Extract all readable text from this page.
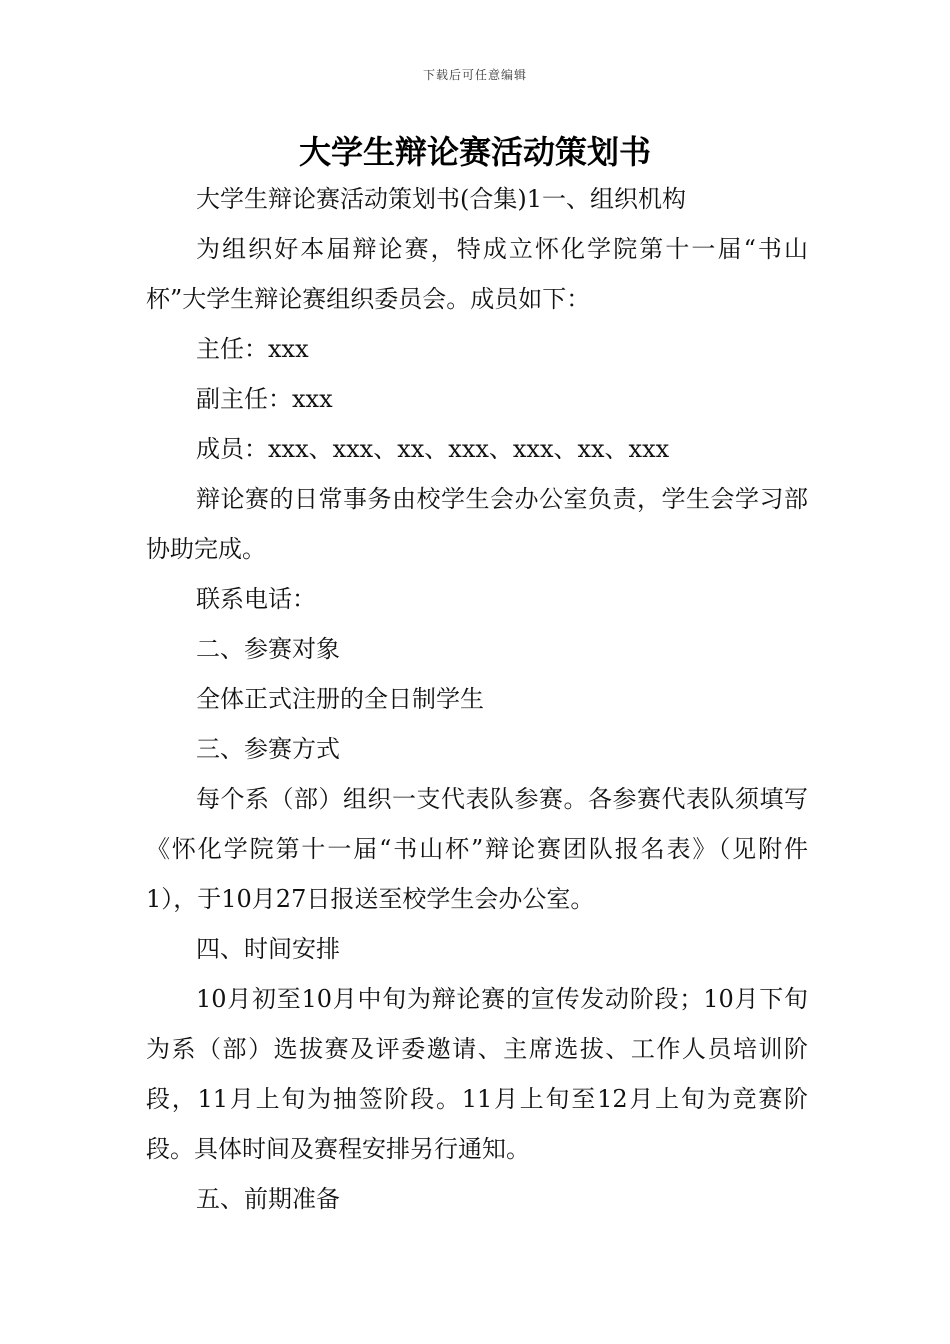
下载后可任意编辑
大学生辩论赛活动策划书

大学生辩论赛活动策划书(合集)1一、组织机构

为组织好本届辩论赛，特成立怀化学院第十一届“书山杯”大学生辩论赛组织委员会。成员如下：

主任：xxx

副主任：xxx

成员：xxx、xxx、xx、xxx、xxx、xx、xxx

辩论赛的日常事务由校学生会办公室负责，学生会学习部协助完成。

联系电话：

二、参赛对象

全体正式注册的全日制学生

三、参赛方式

每个系（部）组织一支代表队参赛。各参赛代表队须填写《怀化学院第十一届“书山杯”辩论赛团队报名表》（见附件1），于10月27日报送至校学生会办公室。

四、时间安排

10月初至10月中旬为辩论赛的宣传发动阶段；10月下旬为系（部）选拔赛及评委邀请、主席选拔、工作人员培训阶段，11月上旬为抽签阶段。11月上旬至12月上旬为竞赛阶段。具体时间及赛程安排另行通知。

五、前期准备
